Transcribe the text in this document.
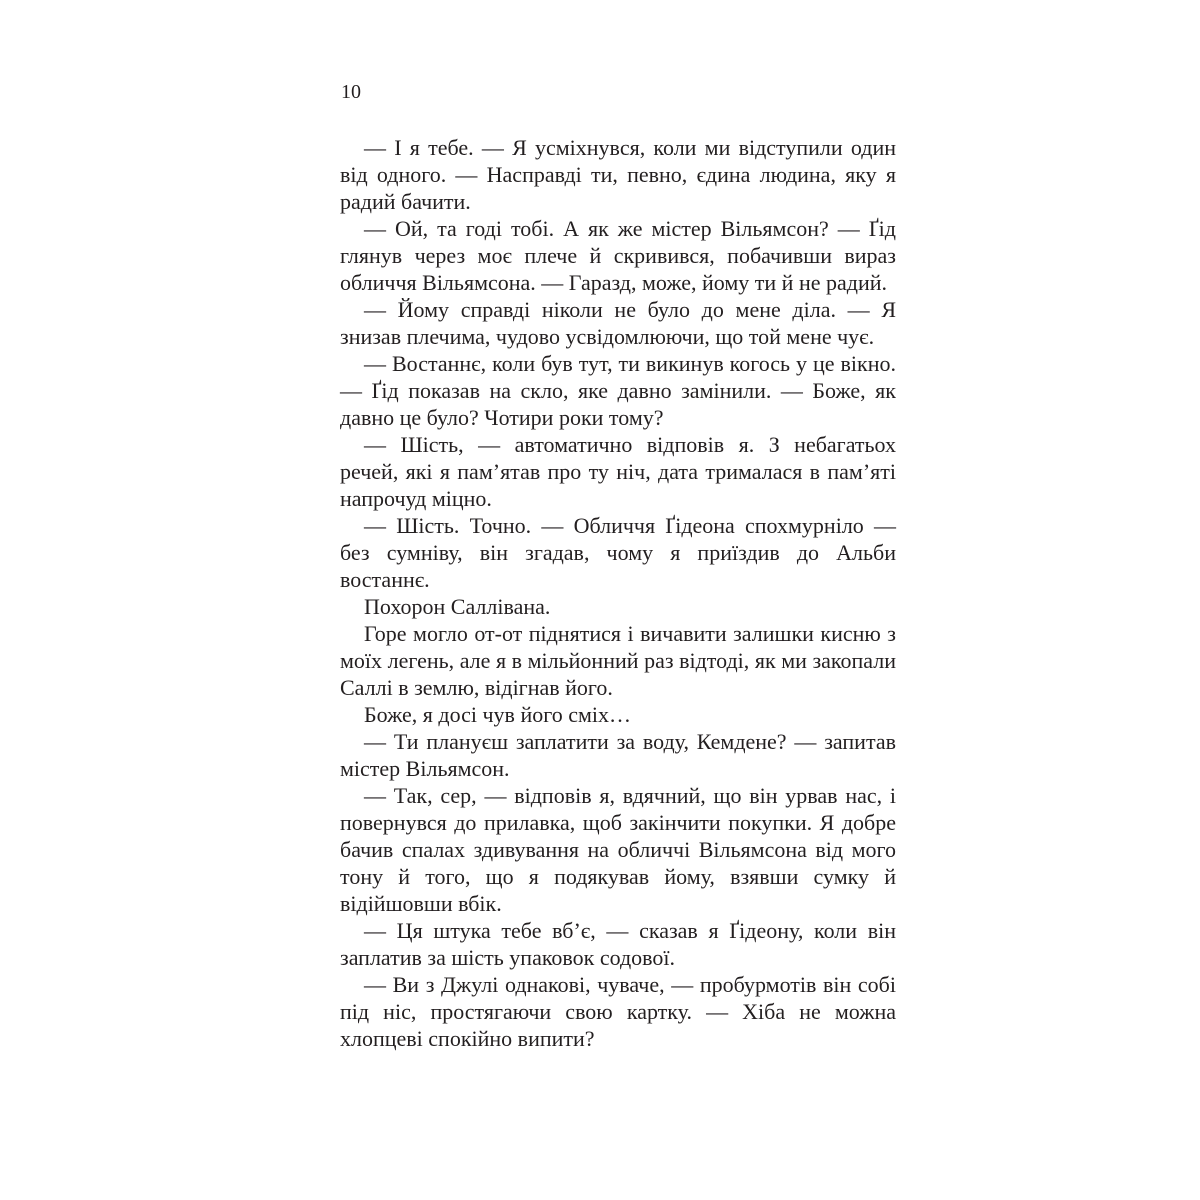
10

— І я тебе. — Я усміхнувся, коли ми відступили один від одного. — Насправді ти, певно, єдина людина, яку я радий бачити.

— Ой, та годі тобі. А як же містер Вільямсон? — Ґід глянув через моє плече й скривився, побачивши вираз обличчя Вільямсона. — Гаразд, може, йому ти й не радий.

— Йому справді ніколи не було до мене діла. — Я знизав плечима, чудово усвідомлюючи, що той мене чує.

— Востаннє, коли був тут, ти викинув когось у це вікно. — Ґід показав на скло, яке давно замінили. — Боже, як давно це було? Чотири роки тому?

— Шість, — автоматично відповів я. З небагатьох речей, які я пам’ятав про ту ніч, дата трималася в пам’яті напрочуд міцно.

— Шість. Точно. — Обличчя Ґідеона спохмурніло — без сумніву, він згадав, чому я приїздив до Альби востаннє.

Похорон Саллівана.

Горе могло от-от піднятися і вичавити залишки кисню з моїх легень, але я в мільйонний раз відтоді, як ми закопали Саллі в землю, відігнав його.

Боже, я досі чув його сміх…

— Ти плануєш заплатити за воду, Кемдене? — запитав містер Вільямсон.

— Так, сер, — відповів я, вдячний, що він урвав нас, і повернувся до прилавка, щоб закінчити покупки. Я добре бачив спалах здивування на обличчі Вільямсона від мого тону й того, що я подякував йому, взявши сумку й відійшовши вбік.

— Ця штука тебе вб’є, — сказав я Ґідеону, коли він заплатив за шість упаковок содової.

— Ви з Джулі однакові, чуваче, — пробурмотів він собі під ніс, простягаючи свою картку. — Хіба не можна хлопцеві спокійно випити?
